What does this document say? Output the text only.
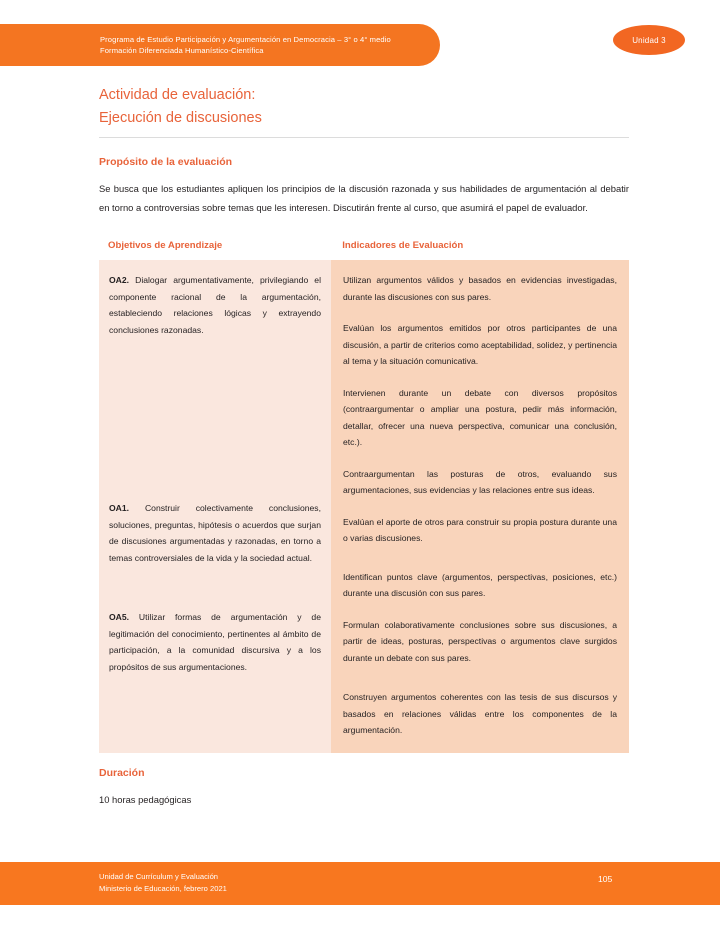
Programa de Estudio Participación y Argumentación en Democracia – 3° o 4° medio
Formación Diferenciada Humanístico-Científica
Unidad 3
Actividad de evaluación:
Ejecución de discusiones
Propósito de la evaluación
Se busca que los estudiantes apliquen los principios de la discusión razonada y sus habilidades de argumentación al debatir en torno a controversias sobre temas que les interesen. Discutirán frente al curso, que asumirá el papel de evaluador.
Objetivos de Aprendizaje	Indicadores de Evaluación

OA2. Dialogar argumentativamente, privilegiando el componente racional de la argumentación, estableciendo relaciones lógicas y extrayendo conclusiones razonadas.

OA1. Construir colectivamente conclusiones, soluciones, preguntas, hipótesis o acuerdos que surjan de discusiones argumentadas y razonadas, en torno a temas controversiales de la vida y la sociedad actual.

OA5. Utilizar formas de argumentación y de legitimación del conocimiento, pertinentes al ámbito de participación, a la comunidad discursiva y a los propósitos de sus argumentaciones.

Utilizan argumentos válidos y basados en evidencias investigadas, durante las discusiones con sus pares.

Evalúan los argumentos emitidos por otros participantes de una discusión, a partir de criterios como aceptabilidad, solidez, y pertinencia al tema y la situación comunicativa.

Intervienen durante un debate con diversos propósitos (contraargumentar o ampliar una postura, pedir más información, detallar, ofrecer una nueva perspectiva, comunicar una conclusión, etc.).

Contraargumentan las posturas de otros, evaluando sus argumentaciones, sus evidencias y las relaciones entre sus ideas.

Evalúan el aporte de otros para construir su propia postura durante una o varias discusiones.

Identifican puntos clave (argumentos, perspectivas, posiciones, etc.) durante una discusión con sus pares.

Formulan colaborativamente conclusiones sobre sus discusiones, a partir de ideas, posturas, perspectivas o argumentos clave surgidos durante un debate con sus pares.

Construyen argumentos coherentes con las tesis de sus discursos y basados en relaciones válidas entre los componentes de la argumentación.

Duración
10 horas pedagógicas
Unidad de Currículum y Evaluación
Ministerio de Educación, febrero 2021
105
